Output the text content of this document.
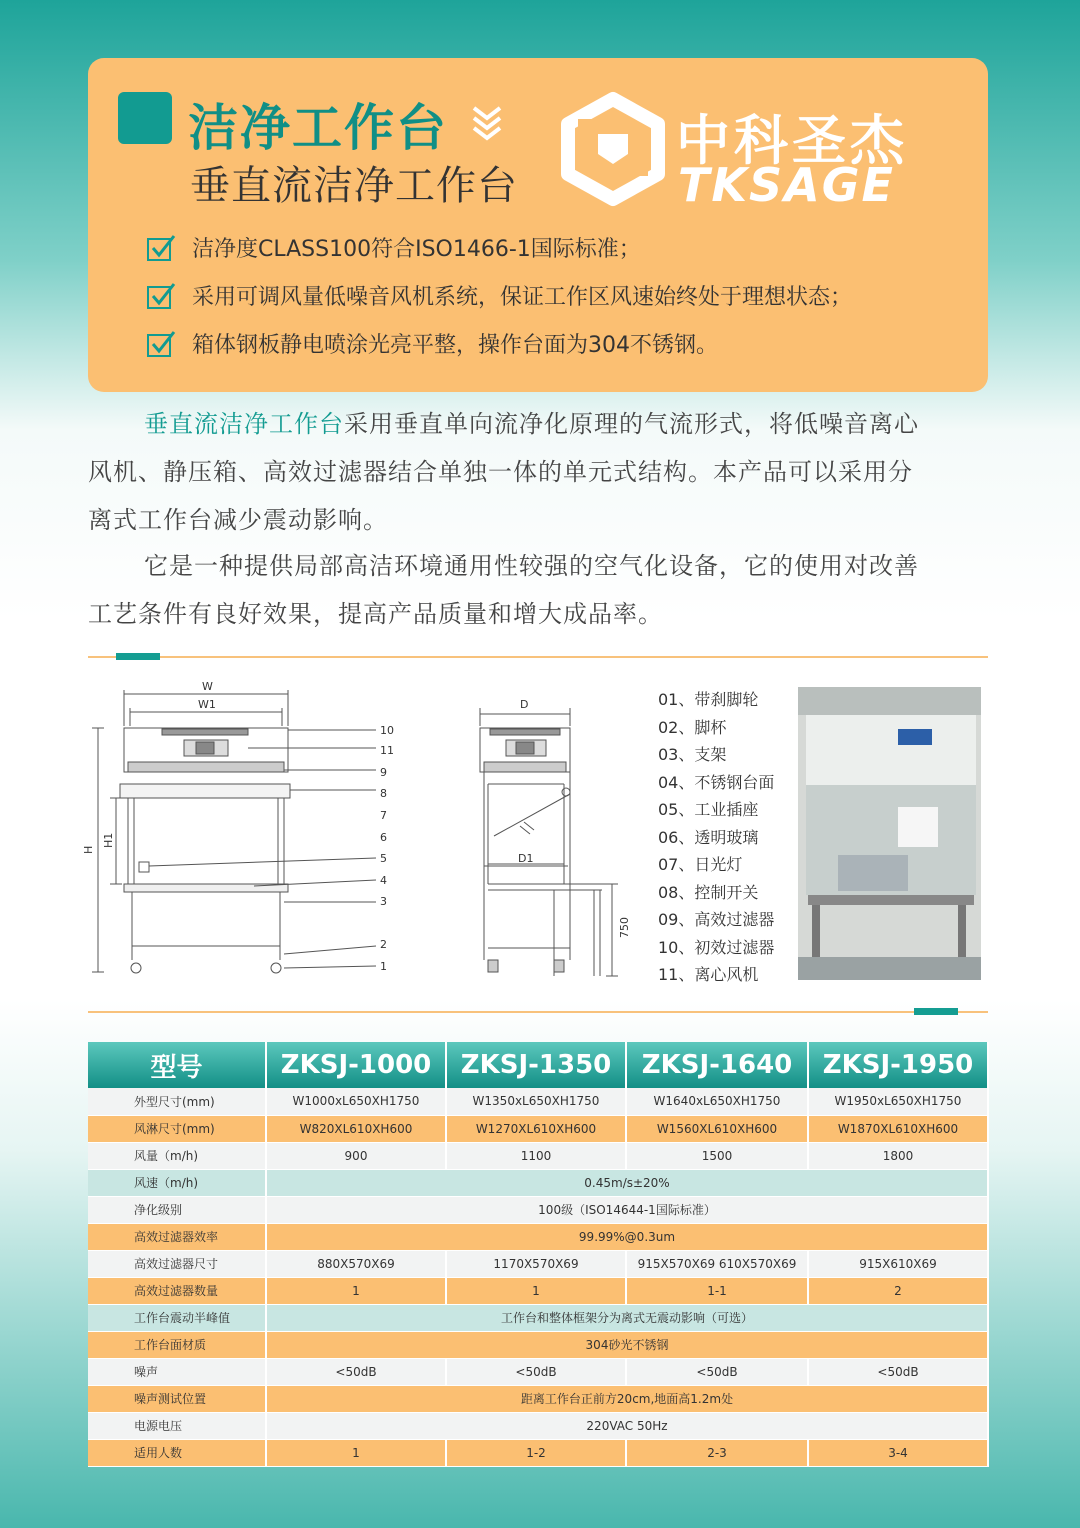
洁净工作台
垂直流洁净工作台
中科圣杰
TKSAGE
洁净度CLASS100符合ISO1466-1国际标准；
采用可调风量低噪音风机系统，保证工作区风速始终处于理想状态；
箱体钢板静电喷涂光亮平整，操作台面为304不锈钢。
垂直流洁净工作台采用垂直单向流净化原理的气流形式，将低噪音离心
风机、静压箱、高效过滤器结合单独一体的单元式结构。本产品可以采用分
离式工作台减少震动影响。
它是一种提供局部高洁环境通用性较强的空气化设备，它的使用对改善
工艺条件有良好效果，提高产品质量和增大成品率。
W
W1
H
H1
10
11
9
8
7
6
5
4
3
2
1
D
D1
750
01、带刹脚轮
02、脚杯
03、支架
04、不锈钢台面
05、工业插座
06、透明玻璃
07、日光灯
08、控制开关
09、高效过滤器
10、初效过滤器
11、离心风机
型号	ZKSJ-1000	ZKSJ-1350	ZKSJ-1640	ZKSJ-1950
外型尺寸(mm)	W1000xL650XH1750	W1350xL650XH1750	W1640xL650XH1750	W1950xL650XH1750
风淋尺寸(mm)	W820XL610XH600	W1270XL610XH600	W1560XL610XH600	W1870XL610XH600
风量（m/h)	900	1100	1500	1800
风速（m/h)	0.45m/s±20%			
净化级别	100级（ISO14644-1国际标准）			
高效过滤器效率	99.99%@0.3um			
高效过滤器尺寸	880X570X69	1170X570X69	915X570X69 610X570X69	915X610X69
高效过滤器数量	1	1	1-1	2
工作台震动半峰值	工作台和整体框架分为离式无震动影响（可选）			
工作台面材质	304砂光不锈钢			
噪声	<50dB	<50dB	<50dB	<50dB
噪声测试位置	距离工作台正前方20cm,地面高1.2m处			
电源电压	220VAC 50Hz			
适用人数	1	1-2	2-3	3-4
